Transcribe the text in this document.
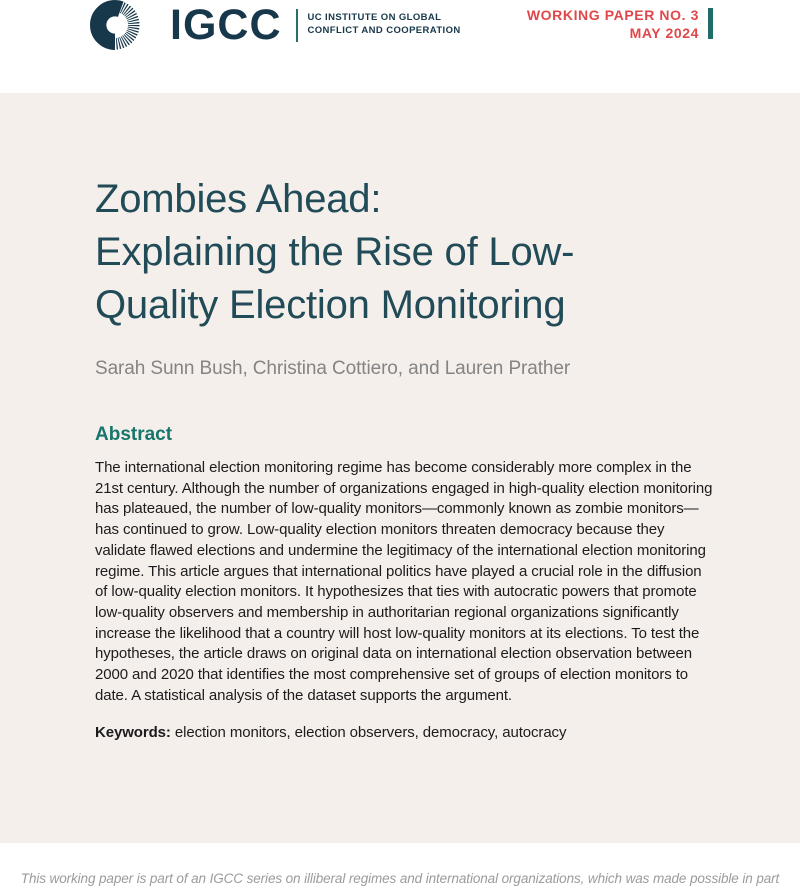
IGCC	UC INSTITUTE ON GLOBAL
CONFLICT AND COOPERATION
WORKING PAPER NO. 3
MAY 2024
Zombies Ahead:
Explaining the Rise of Low-
Quality Election Monitoring

Sarah Sunn Bush, Christina Cottiero, and Lauren Prather

Abstract

The international election monitoring regime has become considerably more complex in the 21st century. Although the number of organizations engaged in high-quality election monitoring has plateaued, the number of low-quality monitors—commonly known as zombie monitors—has continued to grow. Low-quality election monitors threaten democracy because they validate flawed elections and undermine the legitimacy of the international election monitoring regime. This article argues that international politics have played a crucial role in the diffusion of low-quality election monitors. It hypothesizes that ties with autocratic powers that promote low-quality observers and membership in authoritarian regional organizations significantly increase the likelihood that a country will host low-quality monitors at its elections. To test the hypotheses, the article draws on original data on international election observation between 2000 and 2020 that identifies the most comprehensive set of groups of election monitors to date. A statistical analysis of the dataset supports the argument.

Keywords: election monitors, election observers, democracy, autocracy

This working paper is part of an IGCC series on illiberal regimes and international organizations, which was made possible in part
